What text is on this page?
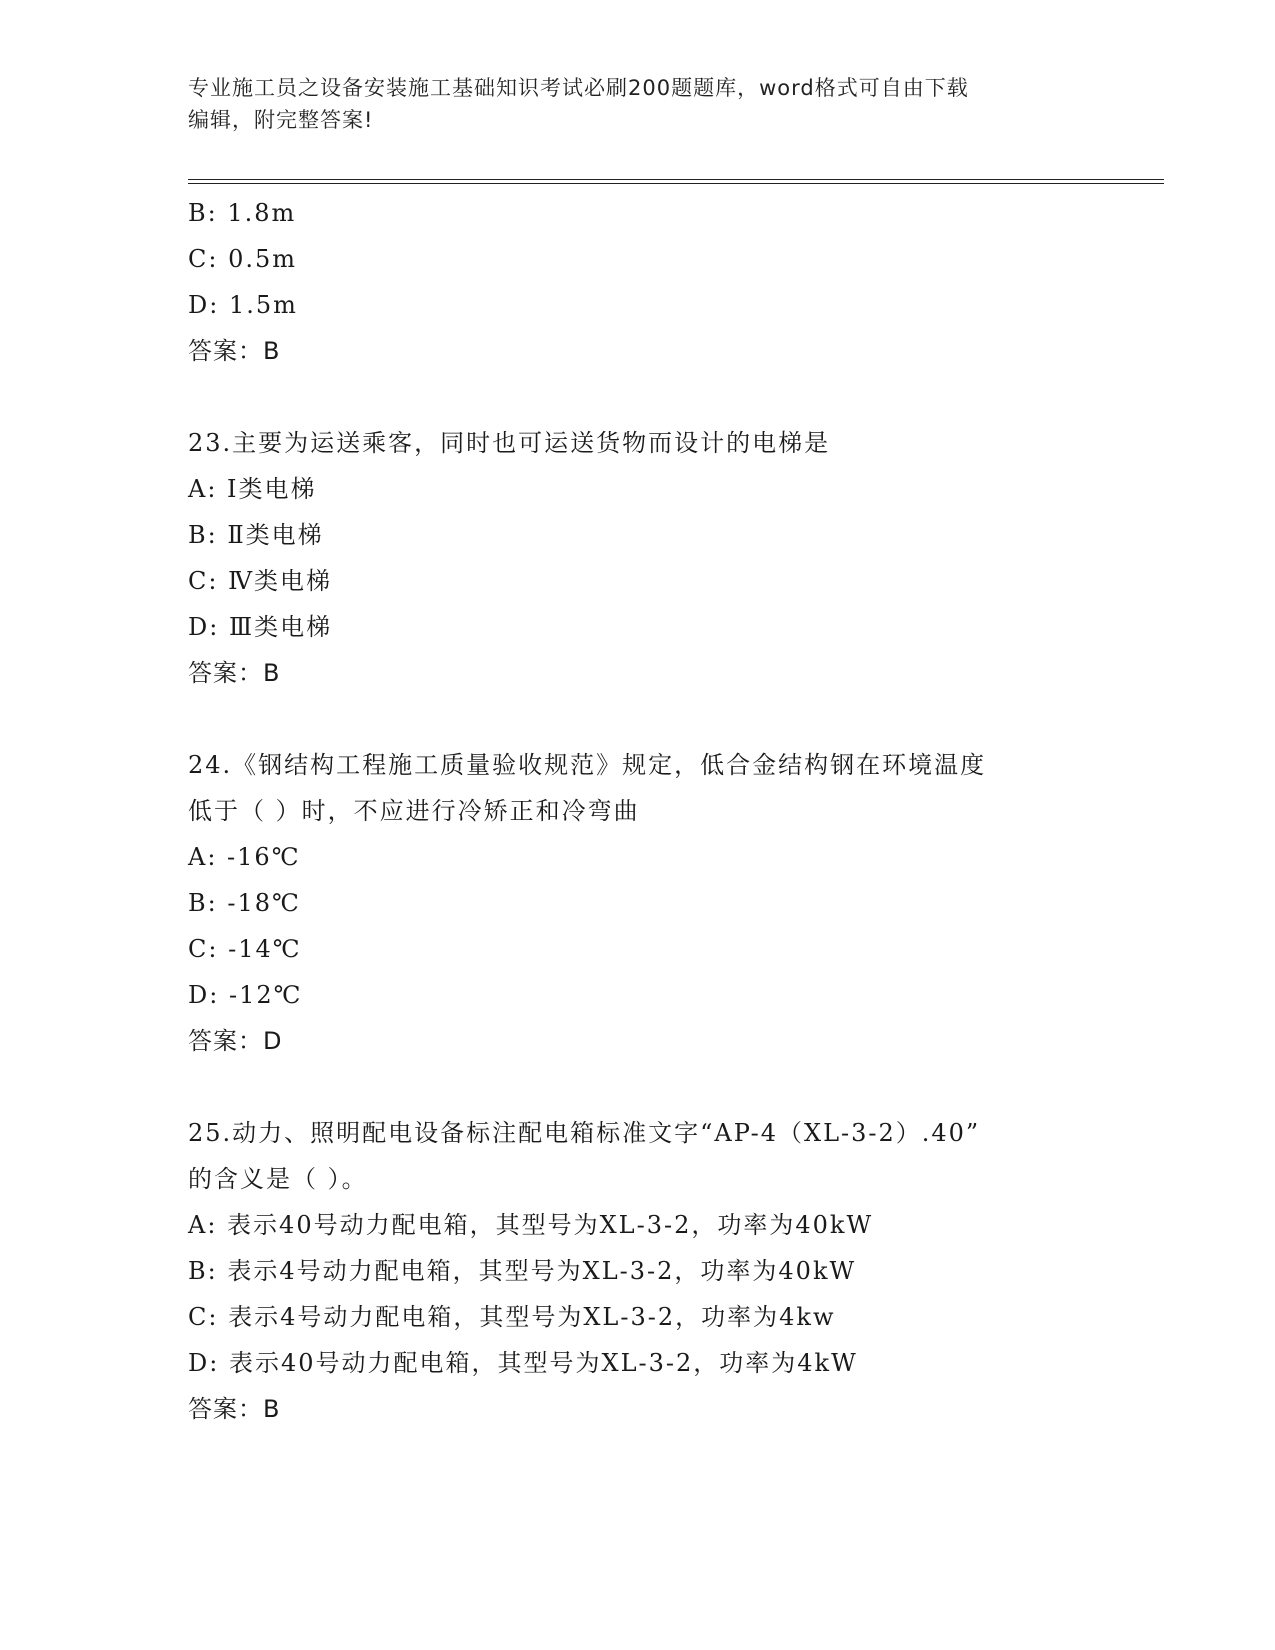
专业施工员之设备安装施工基础知识考试必刷200题题库，word格式可自由下载
编辑，附完整答案!
B: 1.8m
C: 0.5m
D: 1.5m
答案：B
23.主要为运送乘客，同时也可运送货物而设计的电梯是
A: Ⅰ类电梯
B: Ⅱ类电梯
C: Ⅳ类电梯
D: Ⅲ类电梯
答案：B
24.《钢结构工程施工质量验收规范》规定，低合金结构钢在环境温度
低于（ ）时，不应进行冷矫正和冷弯曲
A: -16℃
B: -18℃
C: -14℃
D: -12℃
答案：D
25.动力、照明配电设备标注配电箱标准文字“AP-4（XL-3-2）.40”
的含义是（ ）。
A: 表示40号动力配电箱，其型号为XL-3-2，功率为40kW
B: 表示4号动力配电箱，其型号为XL-3-2，功率为40kW
C: 表示4号动力配电箱，其型号为XL-3-2，功率为4kw
D: 表示40号动力配电箱，其型号为XL-3-2，功率为4kW
答案：B
